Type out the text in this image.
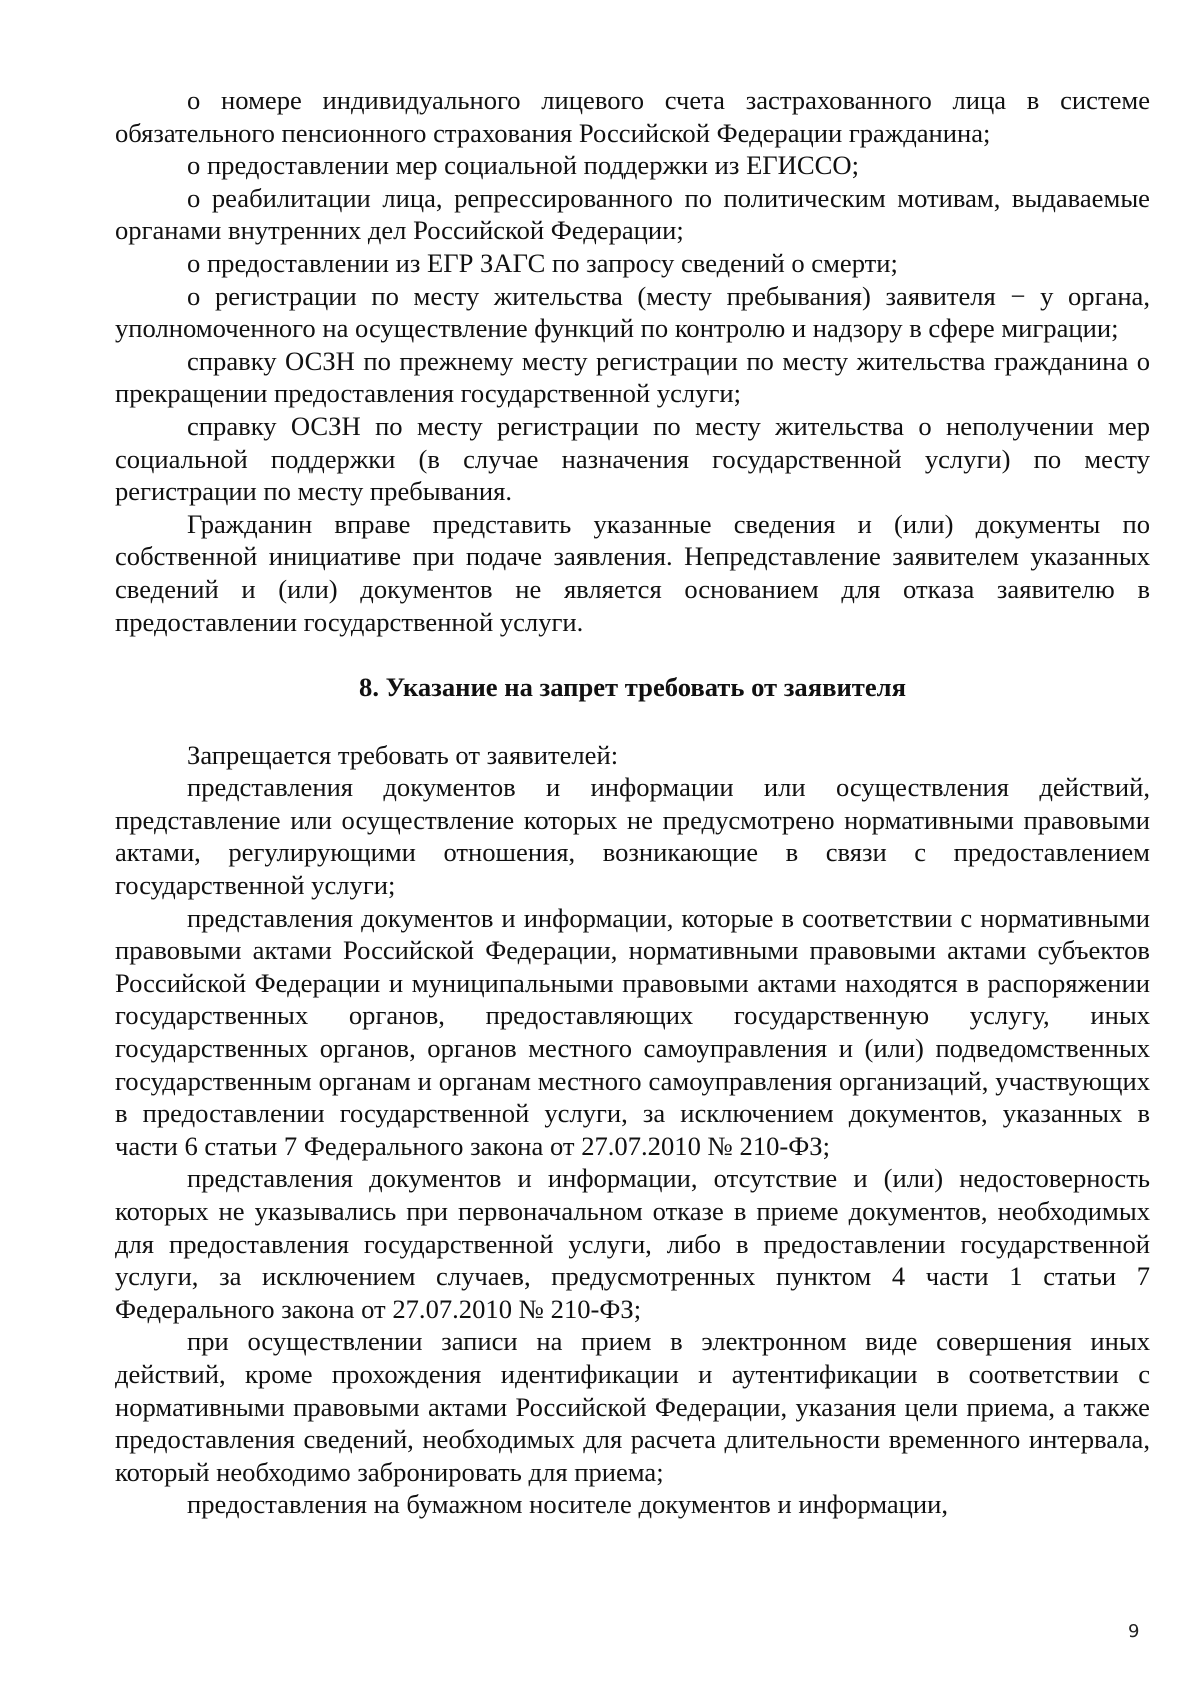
о номере индивидуального лицевого счета застрахованного лица в системе обязательного пенсионного страхования Российской Федерации гражданина;

о предоставлении мер социальной поддержки из ЕГИССО;

о реабилитации лица, репрессированного по политическим мотивам, выдаваемые органами внутренних дел Российской Федерации;

о предоставлении из ЕГР ЗАГС по запросу сведений о смерти;

о регистрации по месту жительства (месту пребывания) заявителя − у органа, уполномоченного на осуществление функций по контролю и надзору в сфере миграции;

справку ОСЗН по прежнему месту регистрации по месту жительства гражданина о прекращении предоставления государственной услуги;

справку ОСЗН по месту регистрации по месту жительства о неполучении мер социальной поддержки (в случае назначения государственной услуги) по месту регистрации по месту пребывания.

Гражданин вправе представить указанные сведения и (или) документы по собственной инициативе при подаче заявления. Непредставление заявителем указанных сведений и (или) документов не является основанием для отказа заявителю в предоставлении государственной услуги.

8. Указание на запрет требовать от заявителя

Запрещается требовать от заявителей:

представления документов и информации или осуществления действий, представление или осуществление которых не предусмотрено нормативными правовыми актами, регулирующими отношения, возникающие в связи с предоставлением государственной услуги;

представления документов и информации, которые в соответствии с нормативными правовыми актами Российской Федерации, нормативными правовыми актами субъектов Российской Федерации и муниципальными правовыми актами находятся в распоряжении государственных органов, предоставляющих государственную услугу, иных государственных органов, органов местного самоуправления и (или) подведомственных государственным органам и органам местного самоуправления организаций, участвующих в предоставлении государственной услуги, за исключением документов, указанных в части 6 статьи 7 Федерального закона от 27.07.2010 № 210-ФЗ;

представления документов и информации, отсутствие и (или) недостоверность которых не указывались при первоначальном отказе в приеме документов, необходимых для предоставления государственной услуги, либо в предоставлении государственной услуги, за исключением случаев, предусмотренных пунктом 4 части 1 статьи 7 Федерального закона от 27.07.2010 № 210-ФЗ;

при осуществлении записи на прием в электронном виде совершения иных действий, кроме прохождения идентификации и аутентификации в соответствии с нормативными правовыми актами Российской Федерации, указания цели приема, а также предоставления сведений, необходимых для расчета длительности временного интервала, который необходимо забронировать для приема;

предоставления на бумажном носителе документов и информации,

9
